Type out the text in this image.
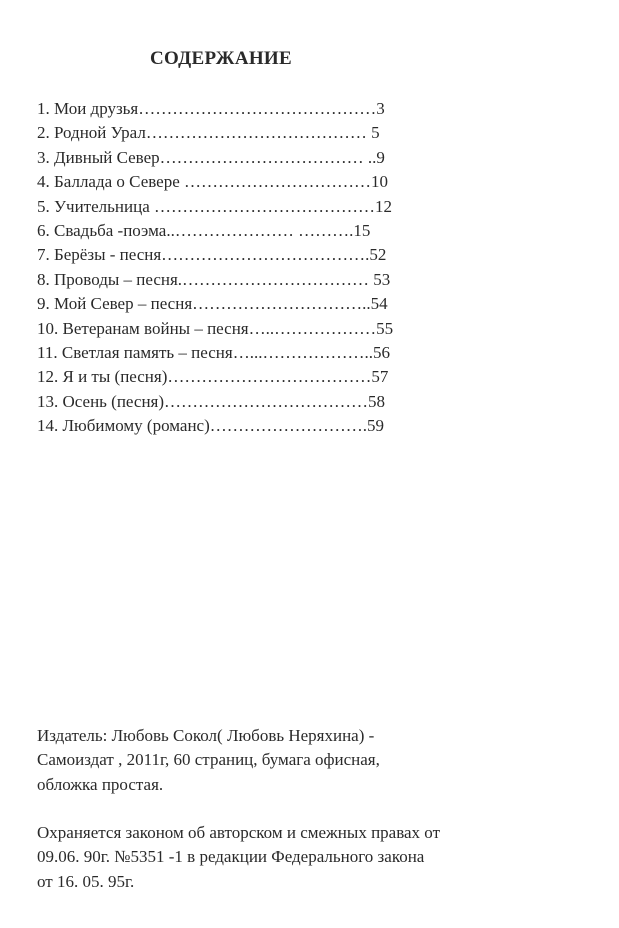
СОДЕРЖАНИЕ
1. Мои друзья……………………………………3
2. Родной Урал………………………………… 5
3. Дивный Север……………………………… ..9
4. Баллада о Севере ……………………………10
5. Учительница …………………………………12
6. Свадьба -поэма..………………… ……….15
7. Берёзы - песня……………………………….52
8. Проводы – песня.…………………………… 53
9. Мой Север – песня…………………………..54
10. Ветеранам войны – песня…..………………55
11. Светлая память – песня…...………………..56
12. Я и ты (песня)………………………………57
13. Осень (песня)………………………………58
14. Любимому (романс)……………………….59
Издатель: Любовь Сокол( Любовь Неряхина) -
Самоиздат , 2011г, 60 страниц, бумага офисная,
обложка простая.
Охраняется законом об авторском и смежных правах от
09.06. 90г. №5351 -1 в редакции Федерального закона
от 16. 05. 95г.
